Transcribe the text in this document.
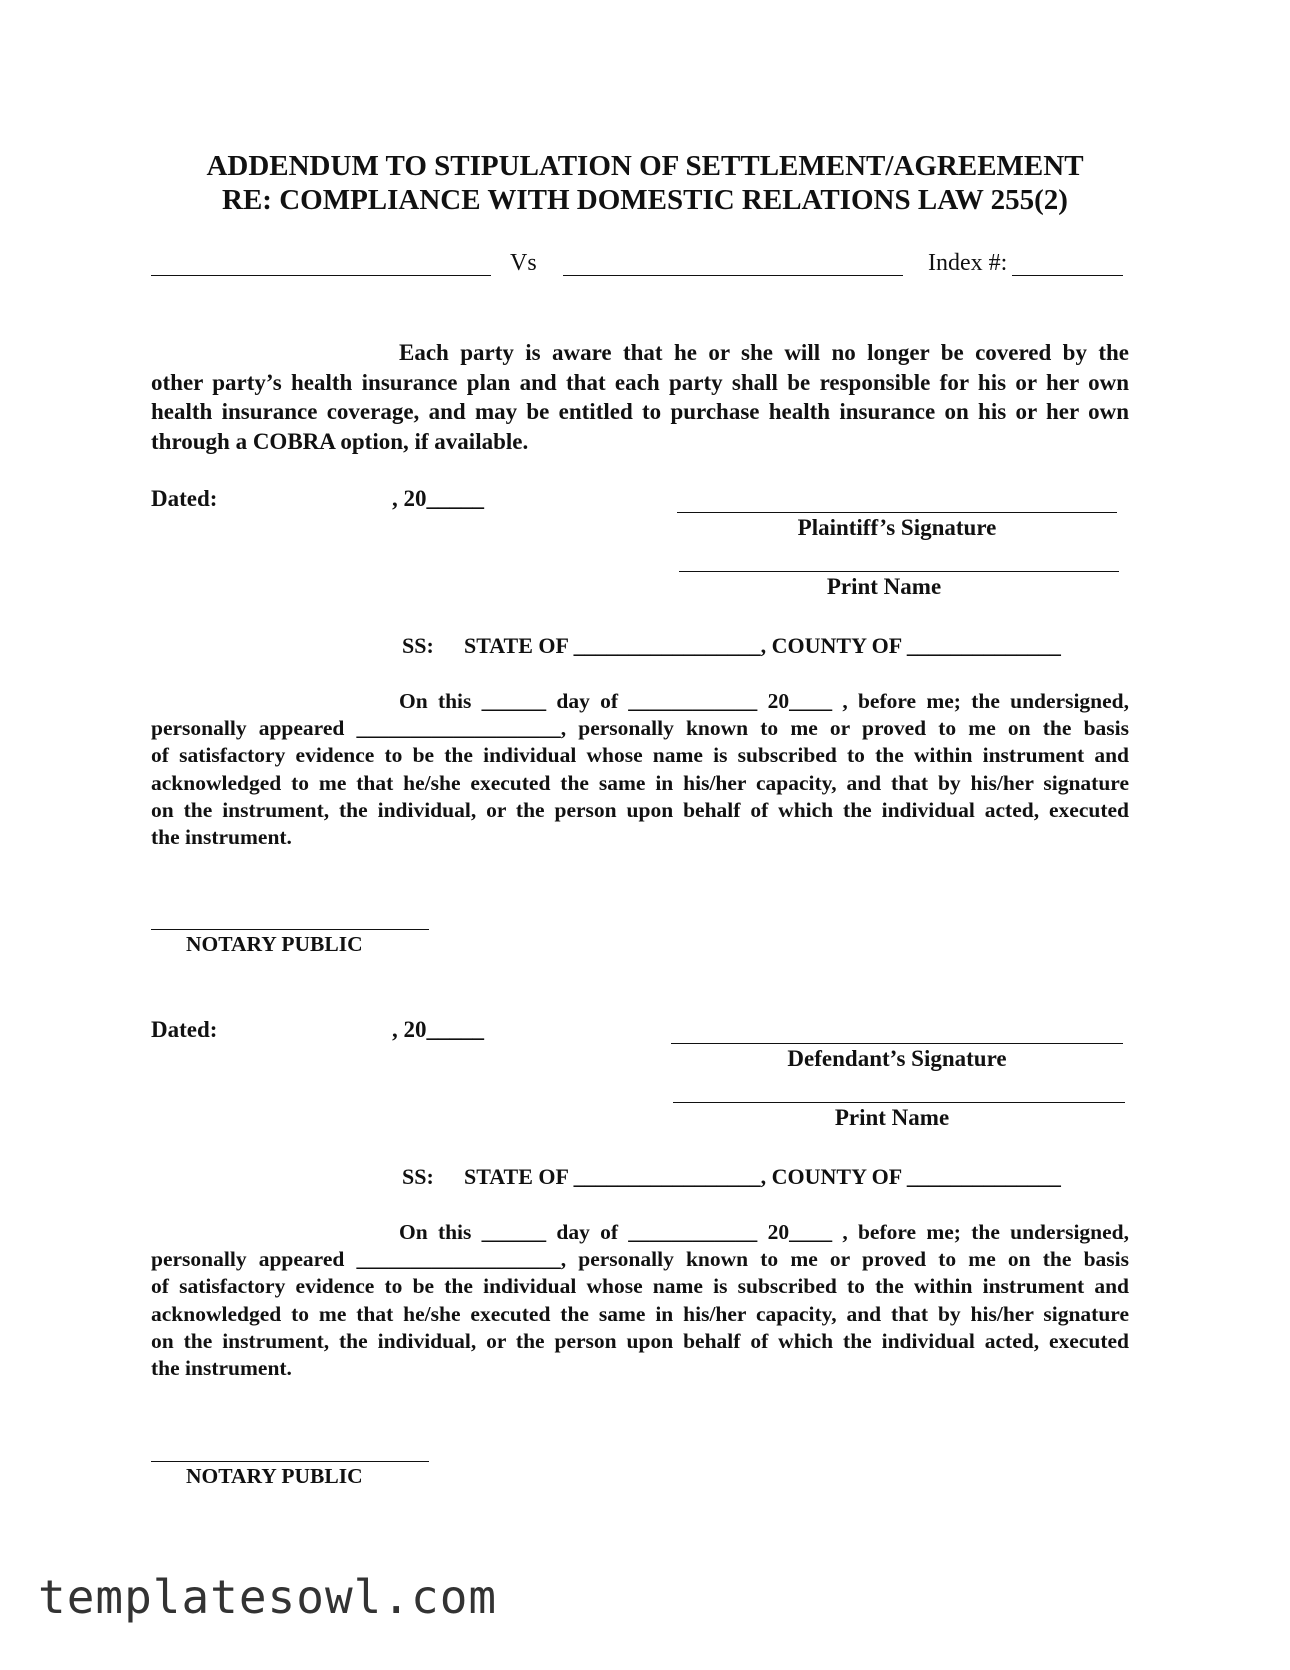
ADDENDUM TO STIPULATION OF SETTLEMENT/AGREEMENT
RE: COMPLIANCE WITH DOMESTIC RELATIONS LAW 255(2)
Vs	Index #:

Each party is aware that he or she will no longer be covered by the

other party’s health insurance plan and that each party shall be responsible for his or her own

health insurance coverage, and may be entitled to purchase health insurance on his or her own

through a COBRA option, if available.

Dated:	, 20_____
Plaintiff’s Signature
Print Name
SS: STATE OF _________________, COUNTY OF ______________

On this ______ day of ____________ 20____ , before me; the undersigned,

personally appeared ___________________, personally known to me or proved to me on the basis

of satisfactory evidence to be the individual whose name is subscribed to the within instrument and

acknowledged to me that he/she executed the same in his/her capacity, and that by his/her signature

on the instrument, the individual, or the person upon behalf of which the individual acted, executed

the instrument.

NOTARY PUBLIC
Dated:	, 20_____
Defendant’s Signature
Print Name
SS: STATE OF _________________, COUNTY OF ______________

On this ______ day of ____________ 20____ , before me; the undersigned,

personally appeared ___________________, personally known to me or proved to me on the basis

of satisfactory evidence to be the individual whose name is subscribed to the within instrument and

acknowledged to me that he/she executed the same in his/her capacity, and that by his/her signature

on the instrument, the individual, or the person upon behalf of which the individual acted, executed

the instrument.

NOTARY PUBLIC
templatesowl.com
